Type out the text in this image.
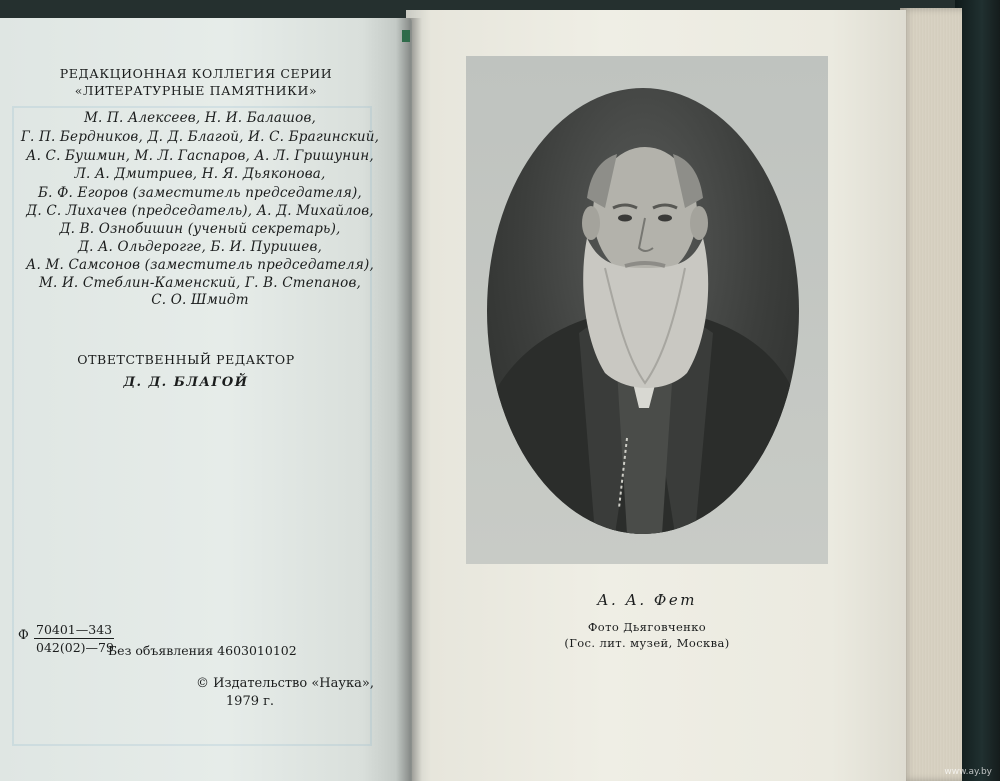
РЕДАКЦИОННАЯ КОЛЛЕГИЯ СЕРИИ
«ЛИТЕРАТУРНЫЕ ПАМЯТНИКИ»
М. П. Алексеев, Н. И. Балашов,
Г. П. Бердников, Д. Д. Благой, И. С. Брагинский,
А. С. Бушмин, М. Л. Гаспаров, А. Л. Гришунин,
Л. А. Дмитриев, Н. Я. Дьяконова,
Б. Ф. Егоров (заместитель председателя),
Д. С. Лихачев (председатель), А. Д. Михайлов,
Д. В. Ознобишин (ученый секретарь),
Д. А. Ольдерогге, Б. И. Пуришев,
А. М. Самсонов (заместитель председателя),
М. И. Стеблин-Каменский, Г. В. Степанов,
С. О. Шмидт
ОТВЕТСТВЕННЫЙ РЕДАКТОР
Д. Д. БЛАГОЙ
Ф 70401—343
042(02)—79
Без объявления 4603010102
© Издательство «Наука»,
1979 г.
А. А. Фет
Фото Дьяговченко
(Гос. лит. музей, Москва)
www.ay.by
